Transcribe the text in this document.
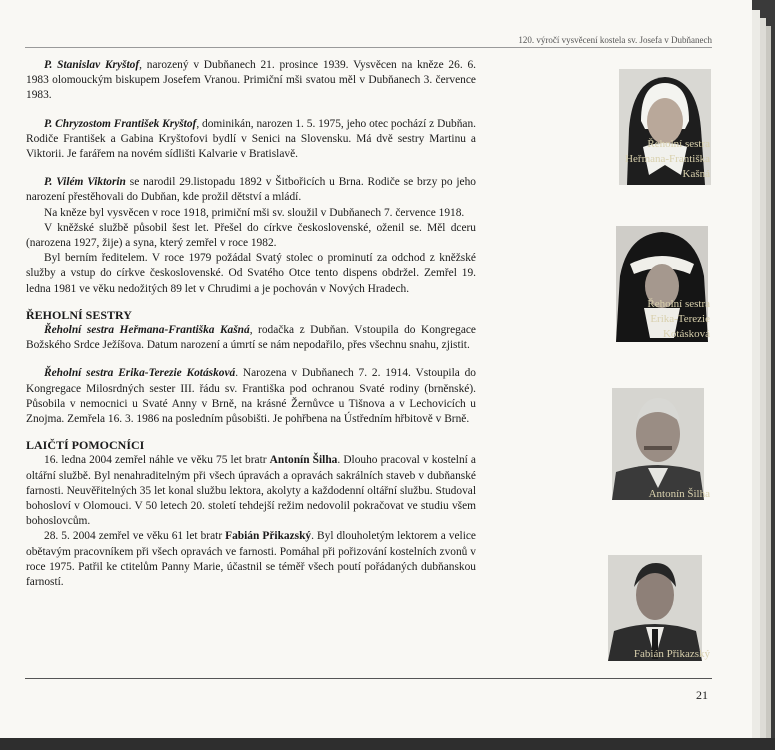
120. výročí vysvěcení kostela sv. Josefa v Dubňanech

P. Stanislav Kryštof, narozený v Dubňanech 21. prosince 1939. Vysvěcen na kněze 26. 6. 1983 olomouckým biskupem Josefem Vranou. Primiční mši svatou měl v Dubňanech 3. července 1983.

P. Chryzostom František Kryštof, dominikán, narozen 1. 5. 1975, jeho otec pochází z Dubňan. Rodiče František a Gabina Kryštofovi bydlí v Senici na Slovensku. Má dvě sestry Martinu a Viktorii. Je farářem na novém sídlišti Kalvarie v Bratislavě.

P. Vilém Viktorin se narodil 29.listopadu 1892 v Šitbořicích u Brna. Rodiče se brzy po jeho narození přestěhovali do Dubňan, kde prožil dětství a mládí.

Na kněze byl vysvěcen v roce 1918, primiční mši sv. sloužil v Dubňanech 7. července 1918.

V kněžské službě působil šest let. Přešel do církve československé, oženil se. Měl dceru (narozena 1927, žije) a syna, který zemřel v roce 1982.

Byl berním ředitelem. V roce 1979 požádal Svatý stolec o prominutí za odchod z kněžské služby a vstup do církve československé. Od Svatého Otce tento dispens obdržel. Zemřel 19. ledna 1981 ve věku nedožitých 89 let v Chrudimi a je pochován v Nových Hradech.

ŘEHOLNÍ SESTRY

Řeholní sestra Heřmana-Františka Kašná, rodačka z Dubňan. Vstoupila do Kongregace Božského Srdce Ježíšova. Datum narození a úmrtí se nám nepodařilo, přes všechnu snahu, zjistit.

Řeholní sestra Erika-Terezie Kotásková. Narozena v Dubňanech 7. 2. 1914. Vstoupila do Kongregace Milosrdných sester III. řádu sv. Františka pod ochranou Svaté rodiny (brněnské). Působila v nemocnici u Svaté Anny v Brně, na krásné Žernůvce u Tišnova a v Lechovicích u Znojma. Zemřela 16. 3. 1986 na posledním působišti. Je pohřbena na Ústředním hřbitově v Brně.

LAIČTÍ POMOCNÍCI

16. ledna 2004 zemřel náhle ve věku 75 let bratr Antonín Šilha. Dlouho pracoval v kostelní a oltářní službě. Byl nenahraditelným při všech úpravách a opravách sakrálních staveb v dubňanské farnosti. Neuvěřitelných 35 let konal službu lektora, akolyty a každodenní oltářní službu. Studoval bohosloví v Olomouci. V 50 letech 20. století tehdejší režim nedovolil pokračovat ve studiu všem bohoslovcům.

28. 5. 2004 zemřel ve věku 61 let bratr Fabián Přikazský. Byl dlouholetým lektorem a velice obětavým pracovníkem při všech opravách ve farnosti. Pomáhal při pořizování kostelních zvonů v roce 1975. Patřil ke ctitelům Panny Marie, účastnil se téměř všech poutí pořádaných dubňanskou farností.

Řeholní sestra
Heřmana-Františka
Kašná
Řeholní sestra
Erika-Terezie
Kotásková
Antonín Šilha
Fabián Přikazský
21
